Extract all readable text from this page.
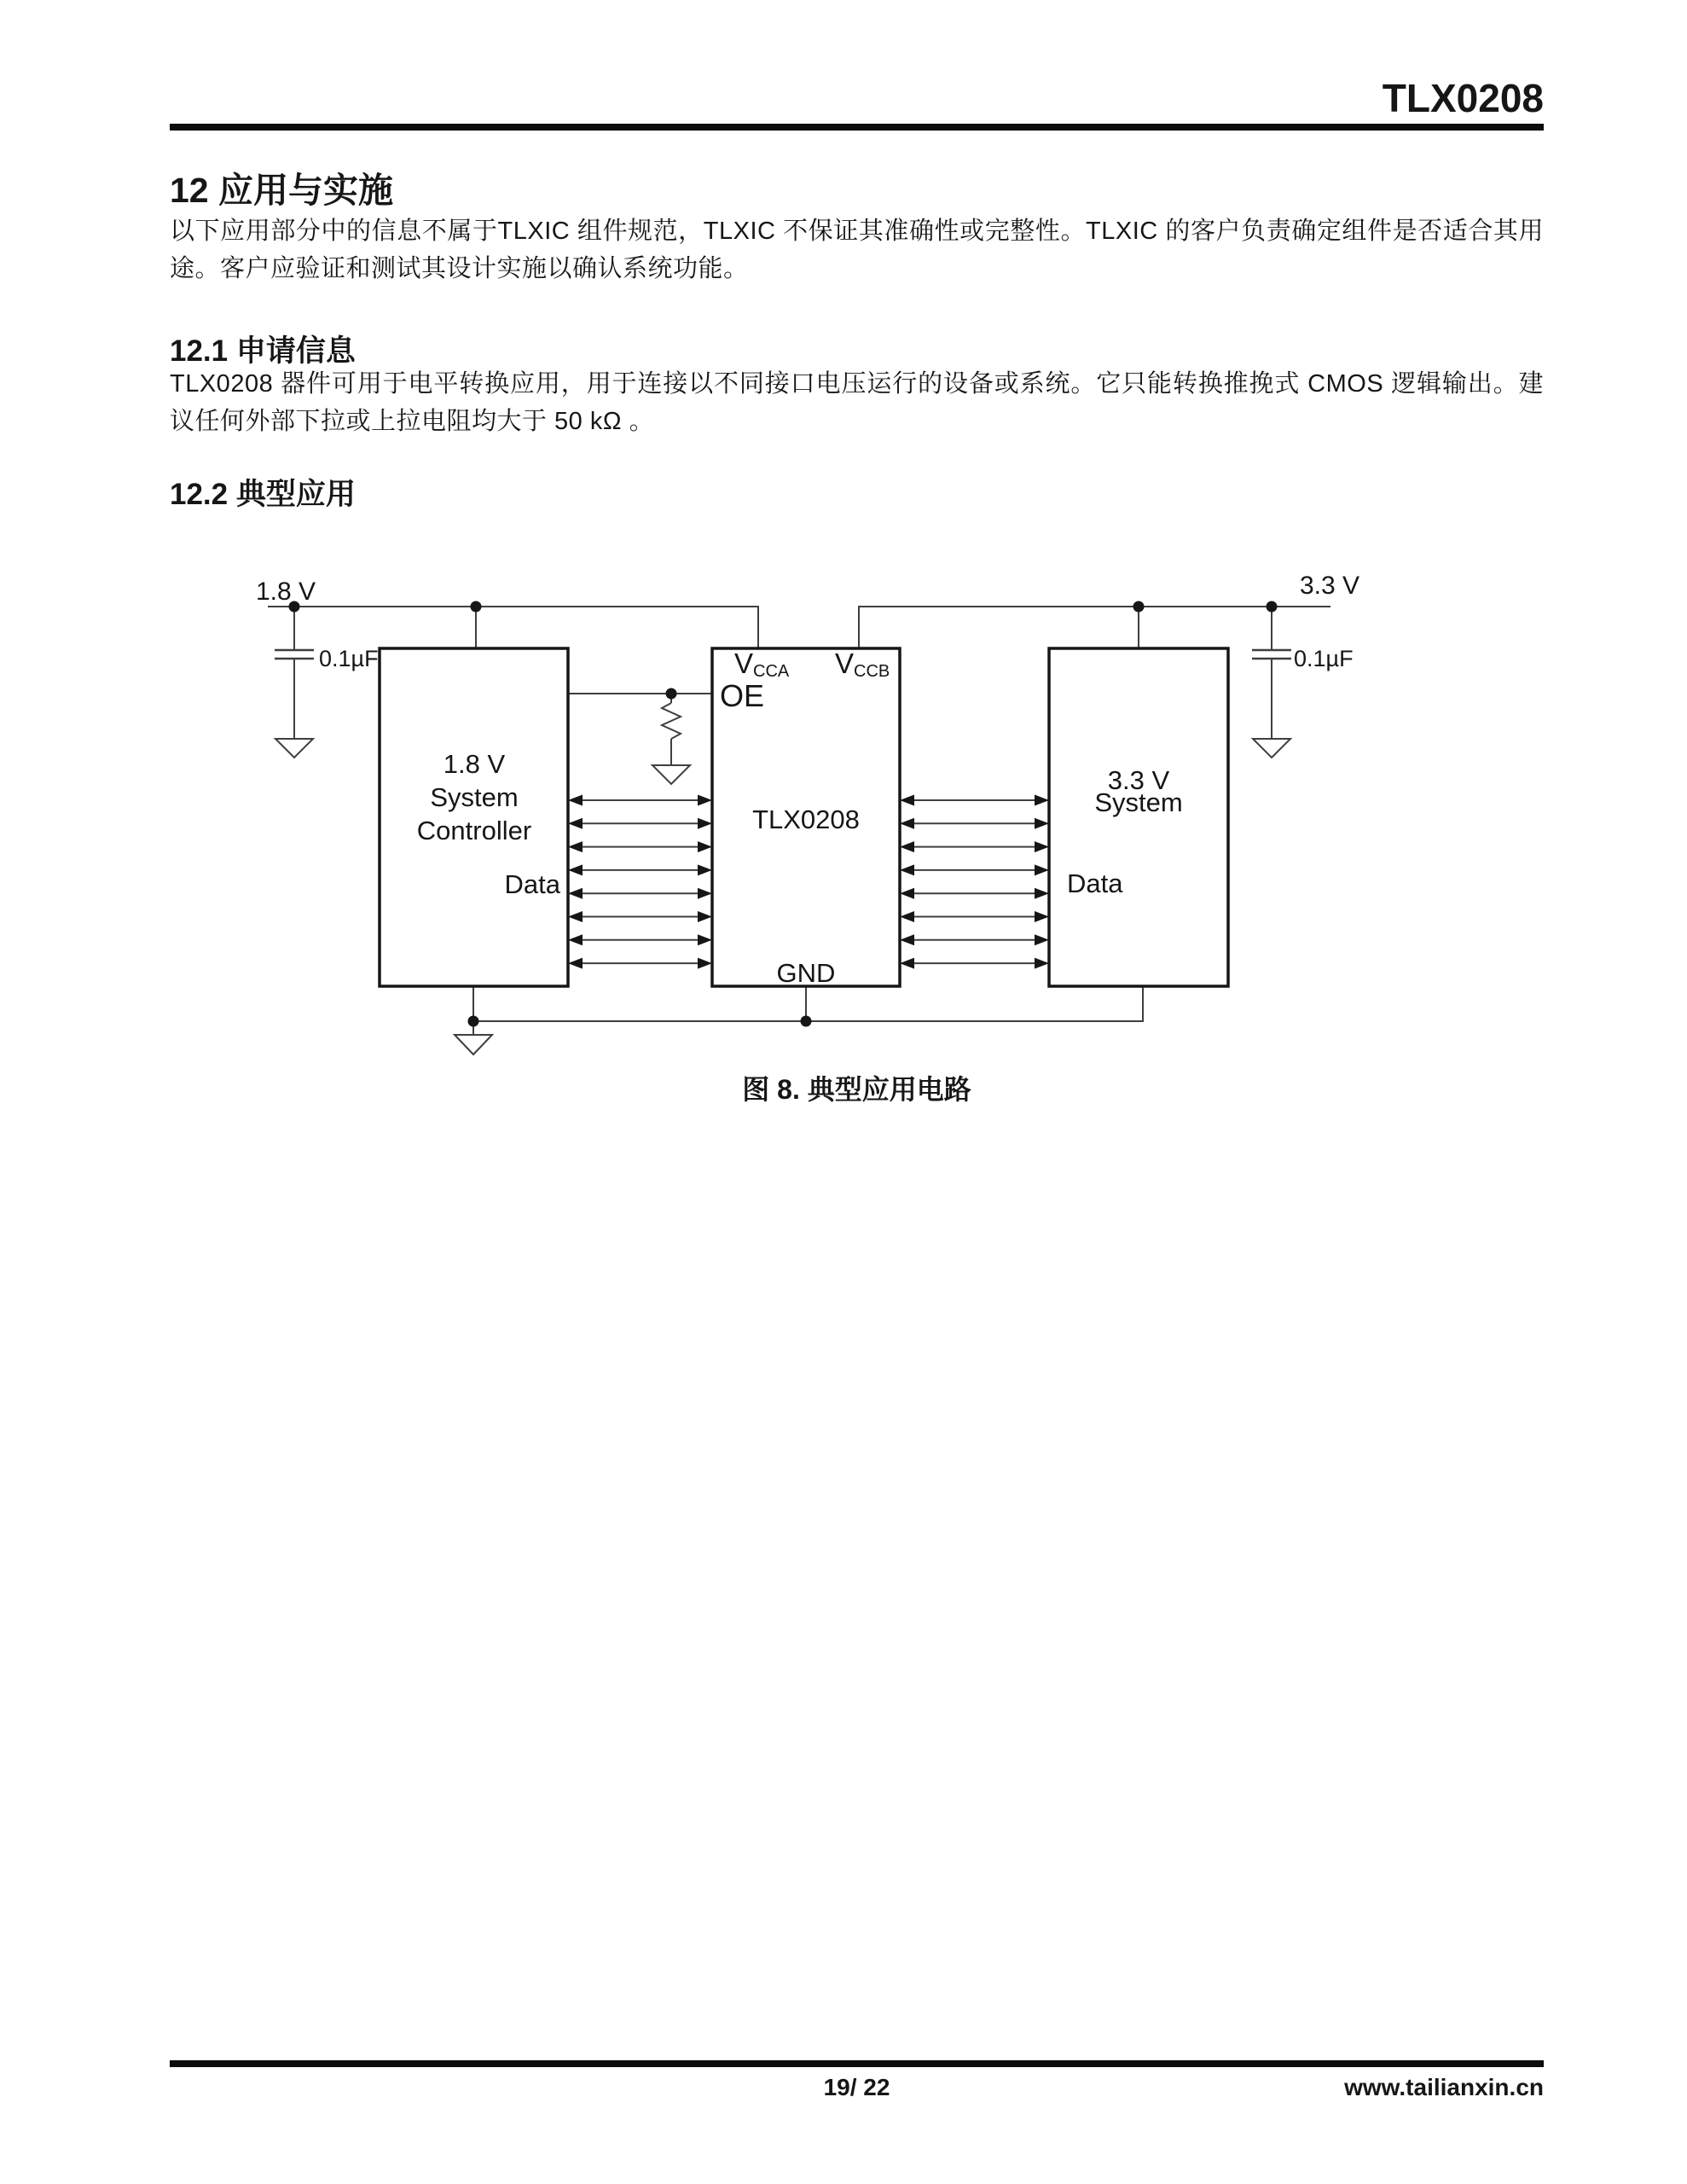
TLX0208
12 应用与实施
以下应用部分中的信息不属于TLXIC 组件规范，TLXIC 不保证其准确性或完整性。TLXIC 的客户负责确定组件是否适合其用途。客户应验证和测试其设计实施以确认系统功能。
12.1 申请信息
TLX0208 器件可用于电平转换应用，用于连接以不同接口电压运行的设备或系统。它只能转换推挽式 CMOS 逻辑输出。建议任何外部下拉或上拉电阻均大于 50 kΩ 。
12.2 典型应用
1.8 V	3.3 V
0.1µF	0.1µF
1.8 V
System
Controller
Data
VCCA VCCB
OE
TLX0208
GND
3.3 V
System
Data
图 8. 典型应用电路
19/ 22	www.tailianxin.cn
